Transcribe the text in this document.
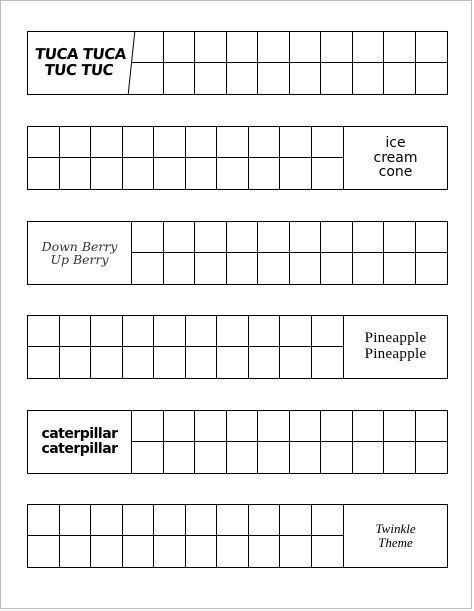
TUCA TUCA
TUC TUC
ice
cream
cone
Down Berry
Up Berry
Pineapple
Pineapple
caterpillar
caterpillar
Twinkle
Theme
